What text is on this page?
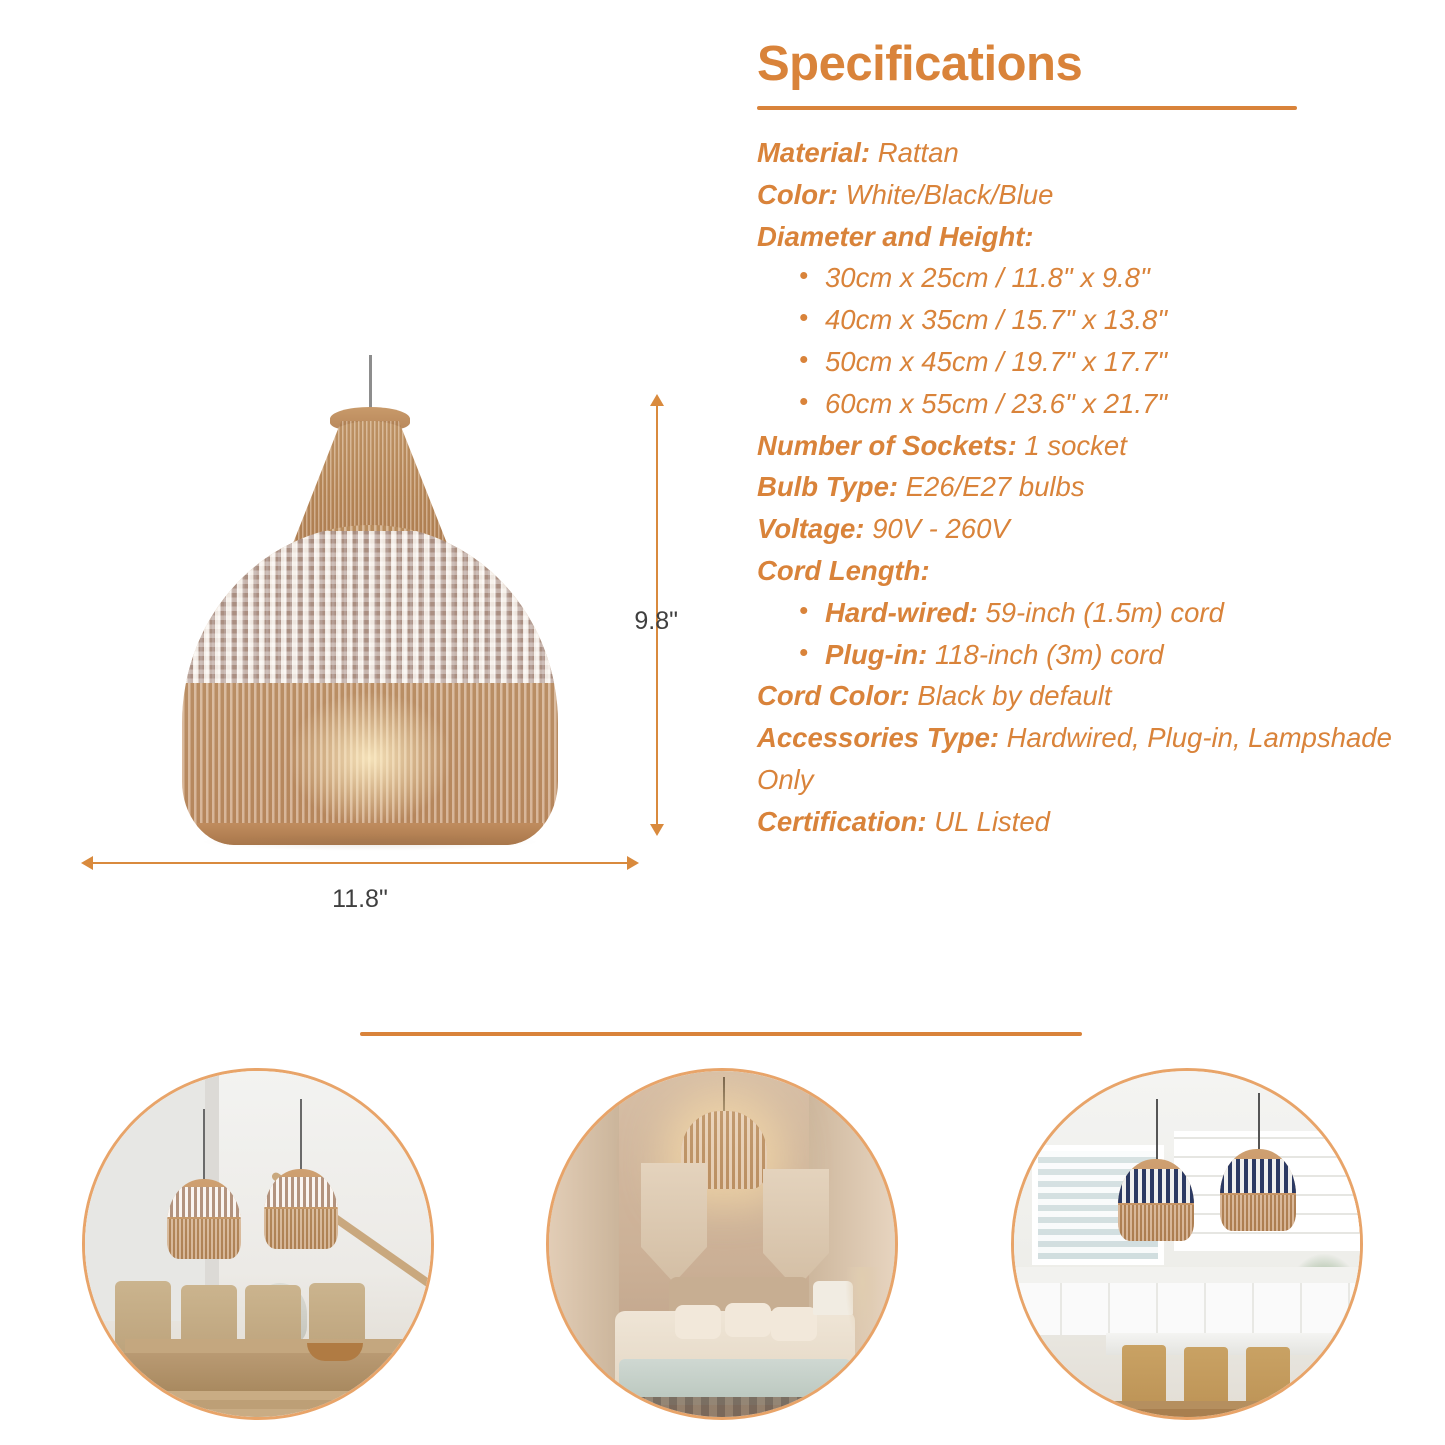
9.8"
11.8"
Specifications
Material: Rattan
Color: White/Black/Blue
Diameter and Height:
• 30cm x 25cm / 11.8" x 9.8"
• 40cm x 35cm / 15.7" x 13.8"
• 50cm x 45cm / 19.7" x 17.7"
• 60cm x 55cm / 23.6" x 21.7"
Number of Sockets: 1 socket
Bulb Type: E26/E27 bulbs
Voltage: 90V - 260V
Cord Length:
• Hard-wired: 59-inch (1.5m) cord
• Plug-in: 118-inch (3m) cord
Cord Color: Black by default
Accessories Type: Hardwired, Plug-in, Lampshade Only
Certification: UL Listed
